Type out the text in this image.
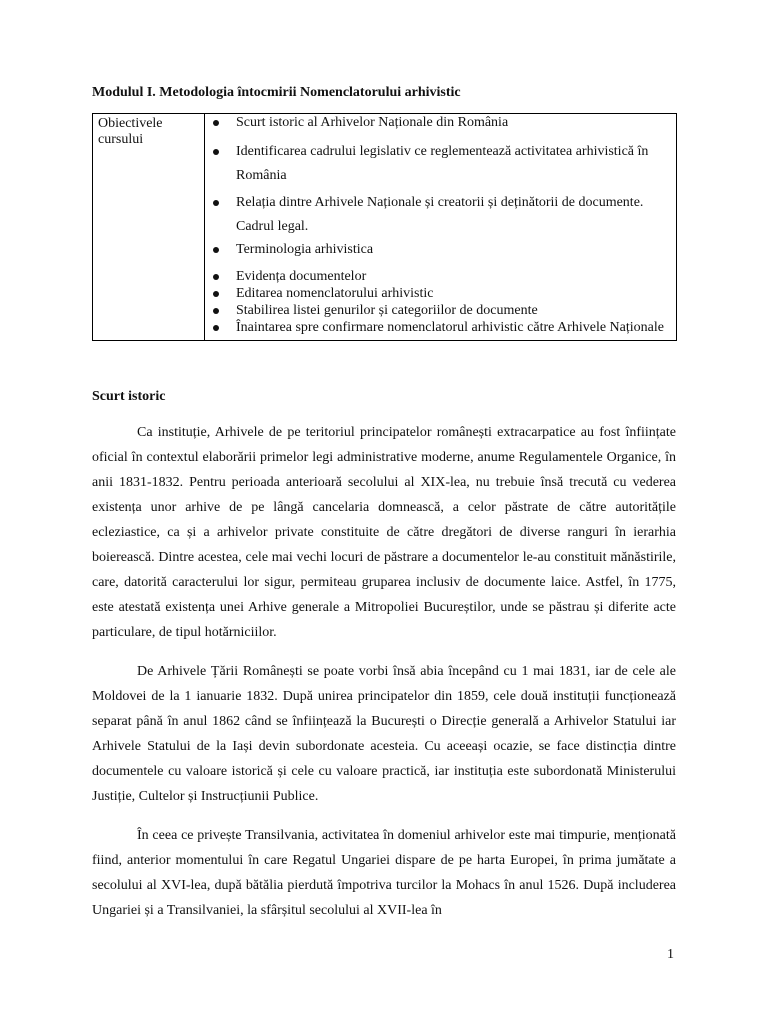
Modulul I. Metodologia întocmirii Nomenclatorului arhivistic
Obiectivele cursului	
Scurt istoric al Arhivelor Naționale din România
Identificarea cadrului legislativ ce reglementează activitatea arhivistică în România
Relația dintre Arhivele Naționale și creatorii și deținătorii de documente. Cadrul legal.
Terminologia arhivistica
Evidența documentelor
Editarea nomenclatorului arhivistic
Stabilirea listei genurilor și categoriilor de documente
Înaintarea spre confirmare nomenclatorul arhivistic către Arhivele Naționale
Scurt istoric

Ca instituție, Arhivele de pe teritoriul principatelor românești extracarpatice au fost înființate oficial în contextul elaborării primelor legi administrative moderne, anume Regulamentele Organice, în anii 1831-1832. Pentru perioada anterioară secolului al XIX-lea, nu trebuie însă trecută cu vederea existența unor arhive de pe lângă cancelaria domnească, a celor păstrate de către autoritățile ecleziastice, ca și a arhivelor private constituite de către dregători de diverse ranguri în ierarhia boierească. Dintre acestea, cele mai vechi locuri de păstrare a documentelor le-au constituit mănăstirile, care, datorită caracterului lor sigur, permiteau gruparea inclusiv de documente laice. Astfel, în 1775, este atestată existența unei Arhive generale a Mitropoliei Bucureștilor, unde se păstrau și diferite acte particulare, de tipul hotărniciilor.

De Arhivele Țării Românești se poate vorbi însă abia începând cu 1 mai 1831, iar de cele ale Moldovei de la 1 ianuarie 1832. După unirea principatelor din 1859, cele două instituții funcționează separat până în anul 1862 când se înființează la București o Direcție generală a Arhivelor Statului iar Arhivele Statului de la Iași devin subordonate acesteia. Cu aceeași ocazie, se face distincția dintre documentele cu valoare istorică și cele cu valoare practică, iar instituția este subordonată Ministerului Justiție, Cultelor și Instrucțiunii Publice.

În ceea ce privește Transilvania, activitatea în domeniul arhivelor este mai timpurie, menționată fiind, anterior momentului în care Regatul Ungariei dispare de pe harta Europei, în prima jumătate a secolului al XVI-lea, după bătălia pierdută împotriva turcilor la Mohacs în anul 1526. După includerea Ungariei și a Transilvaniei, la sfârșitul secolului al XVII-lea în

1
